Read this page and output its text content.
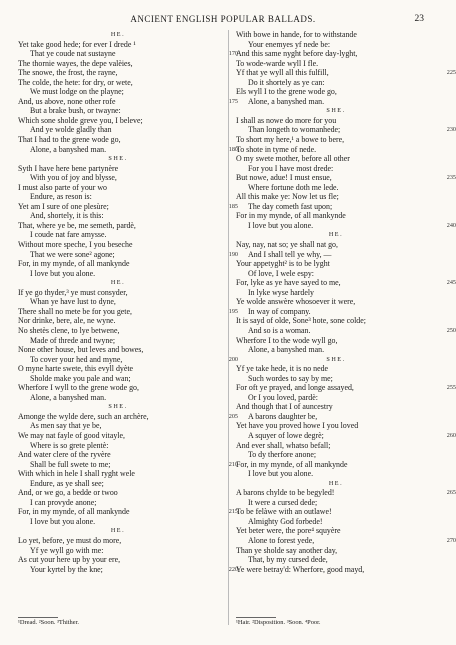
ANCIENT ENGLISH POPULAR BALLADS.	23
HE.
Yet take good hede; for ever I drede ¹
That ye coude nat sustayne	170
The thornie wayes, the depe valèies,
The snowe, the frost, the rayne,
The colde, the hete: for dry, or wete,
We must lodge on the playne;
And, us above, none other rofe	175
But a brake bush, or twayne:
Which sone sholde greve you, I beleve;
And ye wolde gladly than
That I had to the grene wode go,
Alone, a banyshed man.	180
SHE.
Syth I have here bene partynère
With you of joy and blysse,
I must also parte of your wo
Endure, as reson is:
Yet am I sure of one plesùre;	185
And, shortely, it is this:
That, where ye be, me semeth, pardè,
I coude nat fare amysse.
Without more speche, I you beseche
That we were sone² agone;	190
For, in my mynde, of all mankynde
I love but you alone.
HE.
If ye go thyder,³ ye must consyder,
Whan ye have lust to dyne,
There shall no mete be for you gete,	195
Nor drinke, bere, ale, ne wyne.
No shetès clene, to lye betwene,
Made of threde and twyne;
None other house, but leves and bowes,
To cover your hed and myne,	200
O myne harte swete, this evyll dyète
Sholde make you pale and wan;
Wherfore I wyll to the grene wode go,
Alone, a banyshed man.
SHE.
Amonge the wylde dere, such an archère,	205
As men say that ye be,
We may nat fayle of good vitayle,
Where is so grete plentè:
And water clere of the ryvère
Shall be full swete to me;	210
With which in hele I shall ryght wele
Endure, as ye shall see;
And, or we go, a bedde or twoo
I can provyde anone;
For, in my mynde, of all mankynde	215
I love but you alone.
HE.
Lo yet, before, ye must do more,
Yf ye wyll go with me:
As cut your here up by your ere,
Your kyrtel by the kne;	220
With bowe in hande, for to withstande
Your enemyes yf nede be:
And this same nyght before day-lyght,
To wode-warde wyll I fle.
Yf that ye wyll all this fulfill,	225
Do it shortely as ye can:
Els wyll I to the grene wode go,
Alone, a banyshed man.
SHE.
I shall as nowe do more for you
Than longeth to womanhede;	230
To short my here,¹ a bowe to bere,
To shote in tyme of nede.
O my swete mother, before all other
For you I have most drede:
But nowe, adue! I must ensue,	235
Where fortune doth me lede.
All this make ye: Now let us fle;
The day cometh fast upon;
For in my mynde, of all mankynde
I love but you alone.	240
HE.
Nay, nay, nat so; ye shall nat go,
And I shall tell ye why, —
Your appetyght² is to be lyght
Of love, I wele espy:
For, lyke as ye have sayed to me,	245
In lyke wyse hardely
Ye wolde answère whosoever it were,
In way of company.
It is sayd of olde, Sone³ hote, sone colde;
And so is a woman.	250
Wherfore I to the wode wyll go,
Alone, a banyshed man.
SHE.
Yf ye take hede, it is no nede
Such wordes to say by me;
For oft ye prayed, and longe assayed,	255
Or I you loved, pardè:
And though that I of auncestry
A barons daughter be,
Yet have you proved howe I you loved
A squyer of lowe degrè;	260
And ever shall, whatso befall;
To dy therfore anone;
For, in my mynde, of all mankynde
I love but you alone.
HE.
A barons chylde to be begyled!	265
It were a cursed dede;
To be felàwe with an outlawe!
Almighty God forbede!
Yet beter were, the pore⁴ squyère
Alone to forest yede,	270
Than ye sholde say another day,
That, by my cursed dede,
Ye were betray'd: Wherfore, good mayd,
¹Dread. ²Soon. ³Thither.	¹Hair. ²Disposition. ³Soon. ⁴Poor.
